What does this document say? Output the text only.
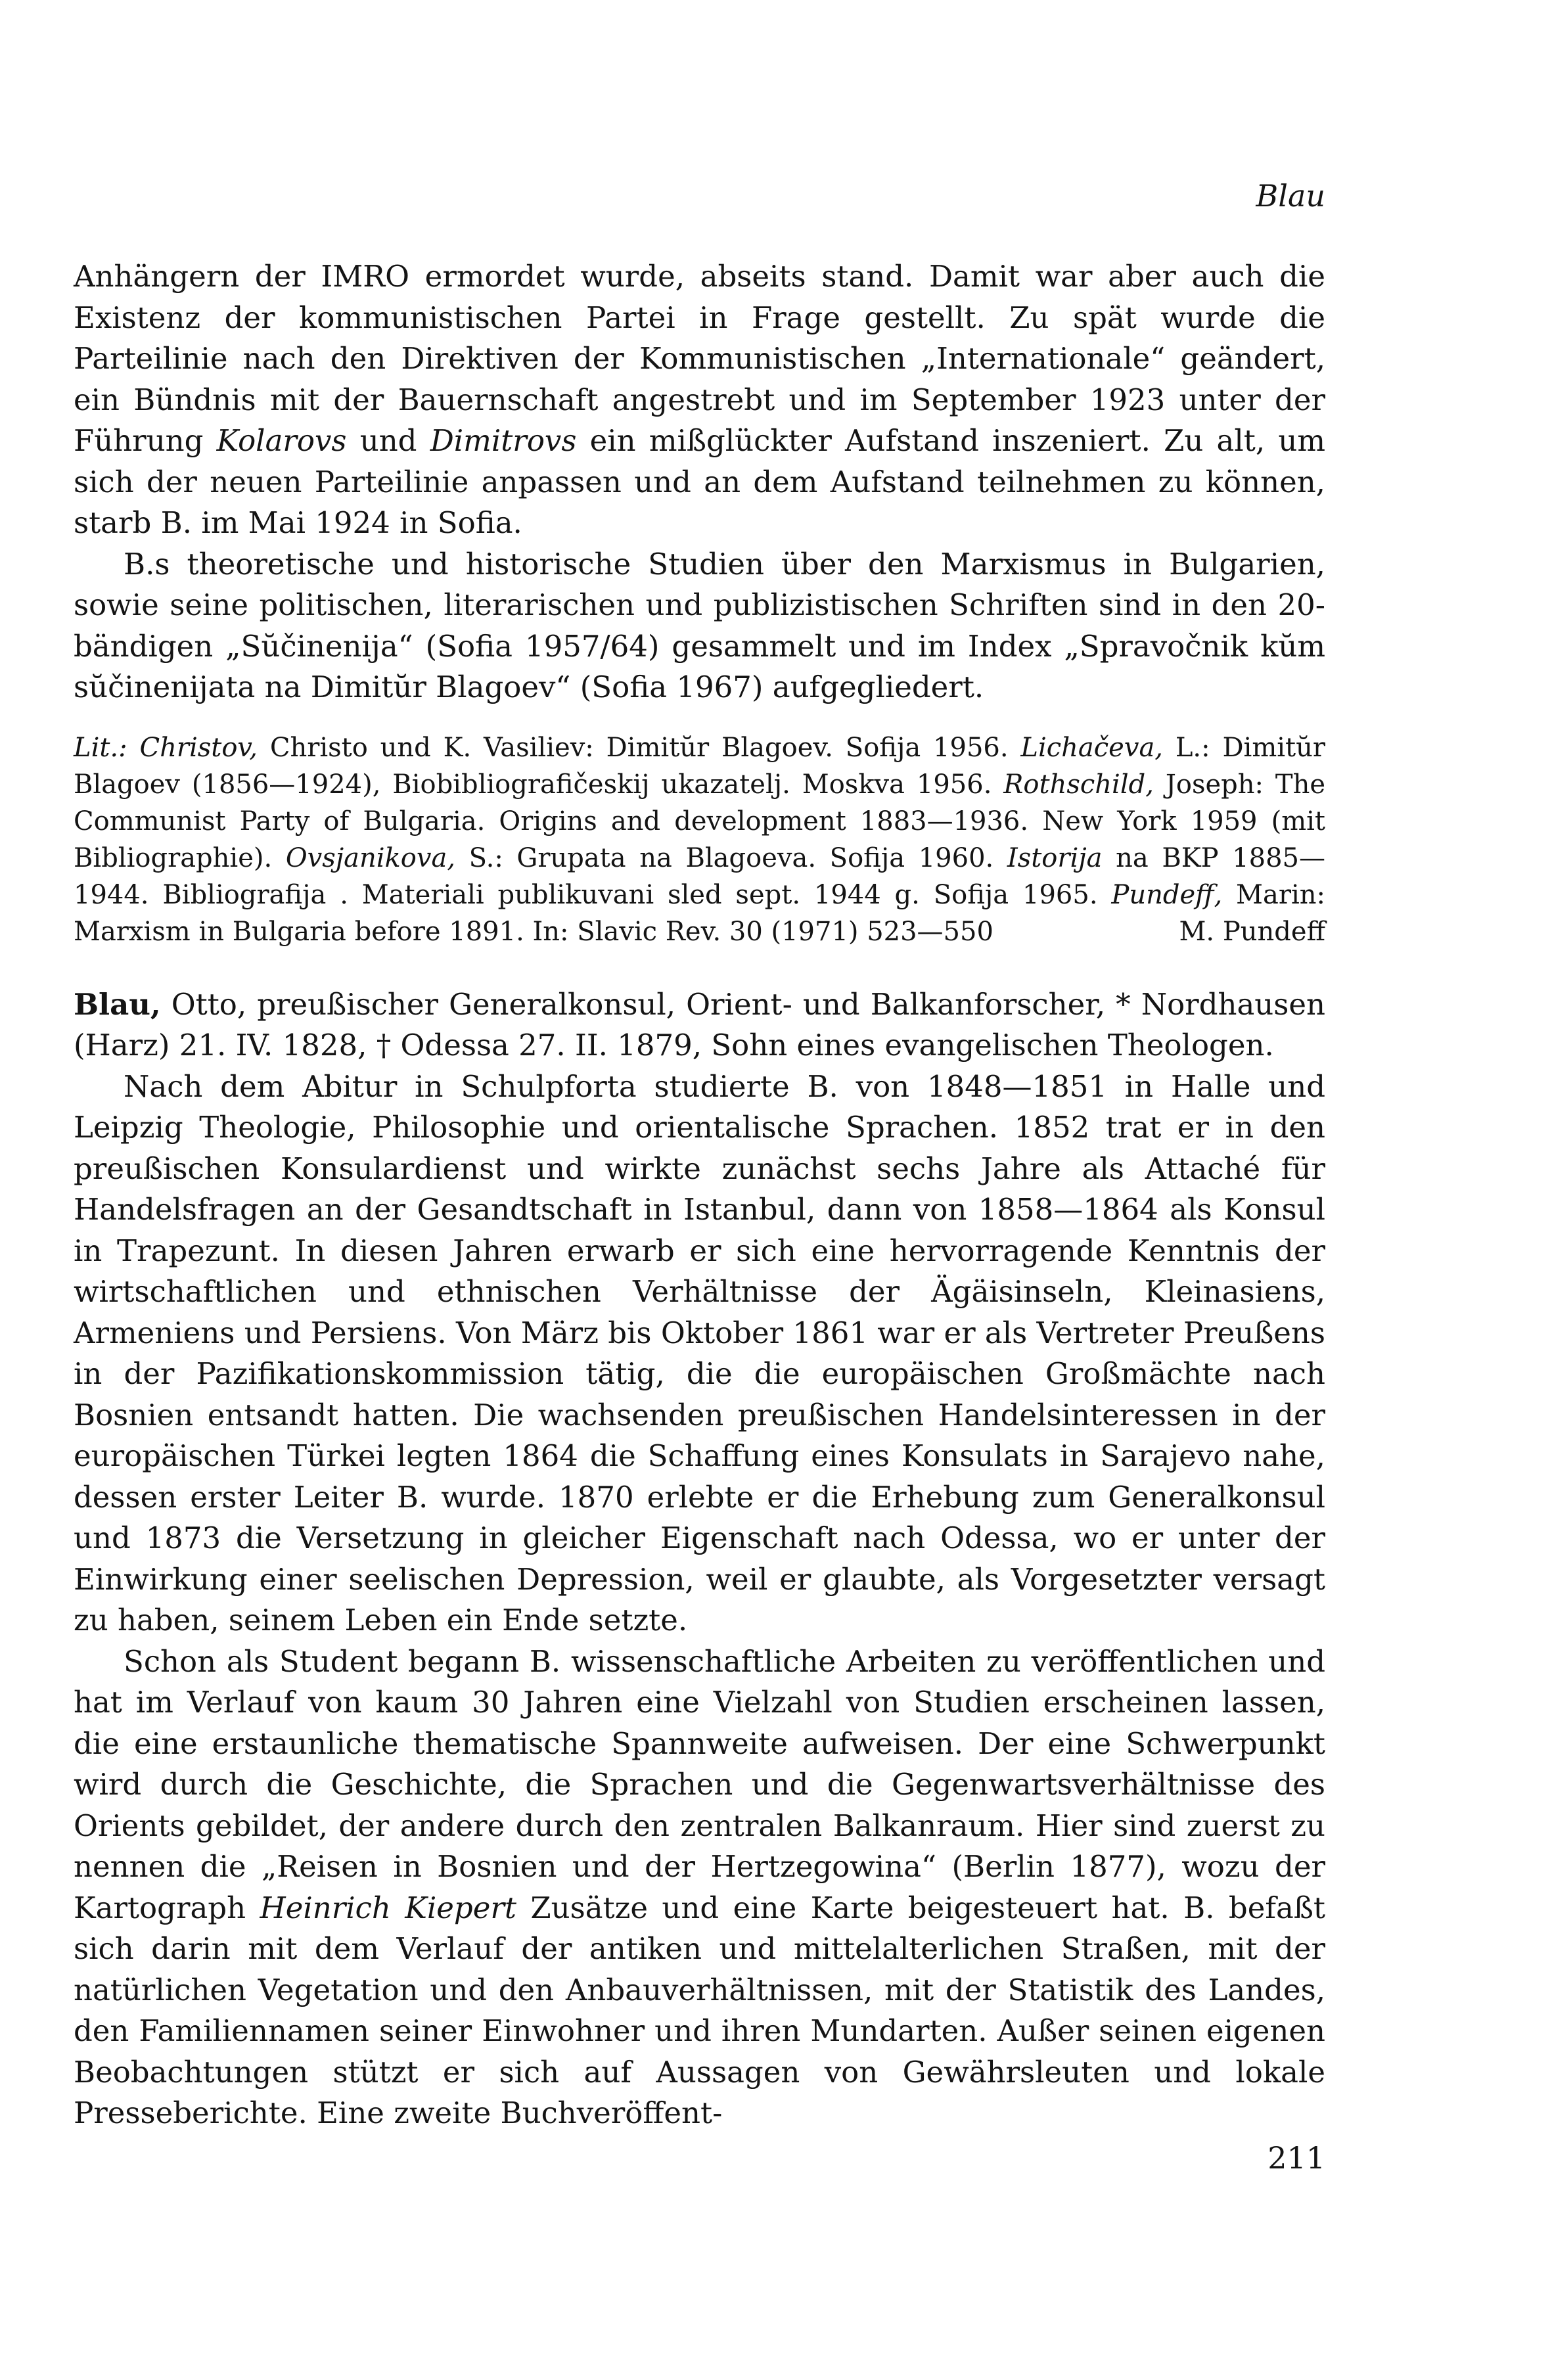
Blau

Anhängern der IMRO ermordet wurde, abseits stand. Damit war aber auch die Existenz der kommunistischen Partei in Frage gestellt. Zu spät wurde die Parteilinie nach den Direktiven der Kommunistischen „Internationale“ geändert, ein Bündnis mit der Bauernschaft angestrebt und im September 1923 unter der Führung Kolarovs und Dimitrovs ein mißglückter Aufstand inszeniert. Zu alt, um sich der neuen Parteilinie anpassen und an dem Aufstand teilnehmen zu können, starb B. im Mai 1924 in Sofia.

B.s theoretische und historische Studien über den Marxismus in Bulgarien, sowie seine politischen, literarischen und publizistischen Schriften sind in den 20-bändigen „Sŭčinenija“ (Sofia 1957/64) gesammelt und im Index „Spravočnik kŭm sŭčinenijata na Dimitŭr Blagoev“ (Sofia 1967) aufgegliedert.

Lit.: Christov, Christo und K. Vasiliev: Dimitŭr Blagoev. Sofija 1956. Lichačeva, L.: Dimitŭr Blagoev (1856—1924), Biobibliografičeskij ukazatelj. Moskva 1956. Rothschild, Joseph: The Communist Party of Bulgaria. Origins and development 1883—1936. New York 1959 (mit Bibliographie). Ovsjanikova, S.: Grupata na Blagoeva. Sofija 1960. Istorija na BKP 1885—1944. Bibliografija . Materiali publikuvani sled sept. 1944 g. Sofija 1965. Pundeff, Marin: Marxism in Bulgaria before 1891. In: Slavic Rev. 30 (1971) 523—550	M. Pundeff

Blau, Otto, preußischer Generalkonsul, Orient- und Balkanforscher, * Nordhausen (Harz) 21. IV. 1828, † Odessa 27. II. 1879, Sohn eines evangelischen Theologen.

Nach dem Abitur in Schulpforta studierte B. von 1848—1851 in Halle und Leipzig Theologie, Philosophie und orientalische Sprachen. 1852 trat er in den preußischen Konsulardienst und wirkte zunächst sechs Jahre als Attaché für Handelsfragen an der Gesandtschaft in Istanbul, dann von 1858—1864 als Konsul in Trapezunt. In diesen Jahren erwarb er sich eine hervorragende Kenntnis der wirtschaftlichen und ethnischen Verhältnisse der Ägäisinseln, Kleinasiens, Armeniens und Persiens. Von März bis Oktober 1861 war er als Vertreter Preußens in der Pazifikationskommission tätig, die die europäischen Großmächte nach Bosnien entsandt hatten. Die wachsenden preußischen Handelsinteressen in der europäischen Türkei legten 1864 die Schaffung eines Konsulats in Sarajevo nahe, dessen erster Leiter B. wurde. 1870 erlebte er die Erhebung zum Generalkonsul und 1873 die Versetzung in gleicher Eigenschaft nach Odessa, wo er unter der Einwirkung einer seelischen Depression, weil er glaubte, als Vorgesetzter versagt zu haben, seinem Leben ein Ende setzte.

Schon als Student begann B. wissenschaftliche Arbeiten zu veröffentlichen und hat im Verlauf von kaum 30 Jahren eine Vielzahl von Studien erscheinen lassen, die eine erstaunliche thematische Spannweite aufweisen. Der eine Schwerpunkt wird durch die Geschichte, die Sprachen und die Gegenwartsverhältnisse des Orients gebildet, der andere durch den zentralen Balkanraum. Hier sind zuerst zu nennen die „Reisen in Bosnien und der Hertzegowina“ (Berlin 1877), wozu der Kartograph Heinrich Kiepert Zusätze und eine Karte beigesteuert hat. B. befaßt sich darin mit dem Verlauf der antiken und mittelalterlichen Straßen, mit der natürlichen Vegetation und den Anbauverhältnissen, mit der Statistik des Landes, den Familiennamen seiner Einwohner und ihren Mundarten. Außer seinen eigenen Beobachtungen stützt er sich auf Aussagen von Gewährsleuten und lokale Presseberichte. Eine zweite Buchveröffent-

211
